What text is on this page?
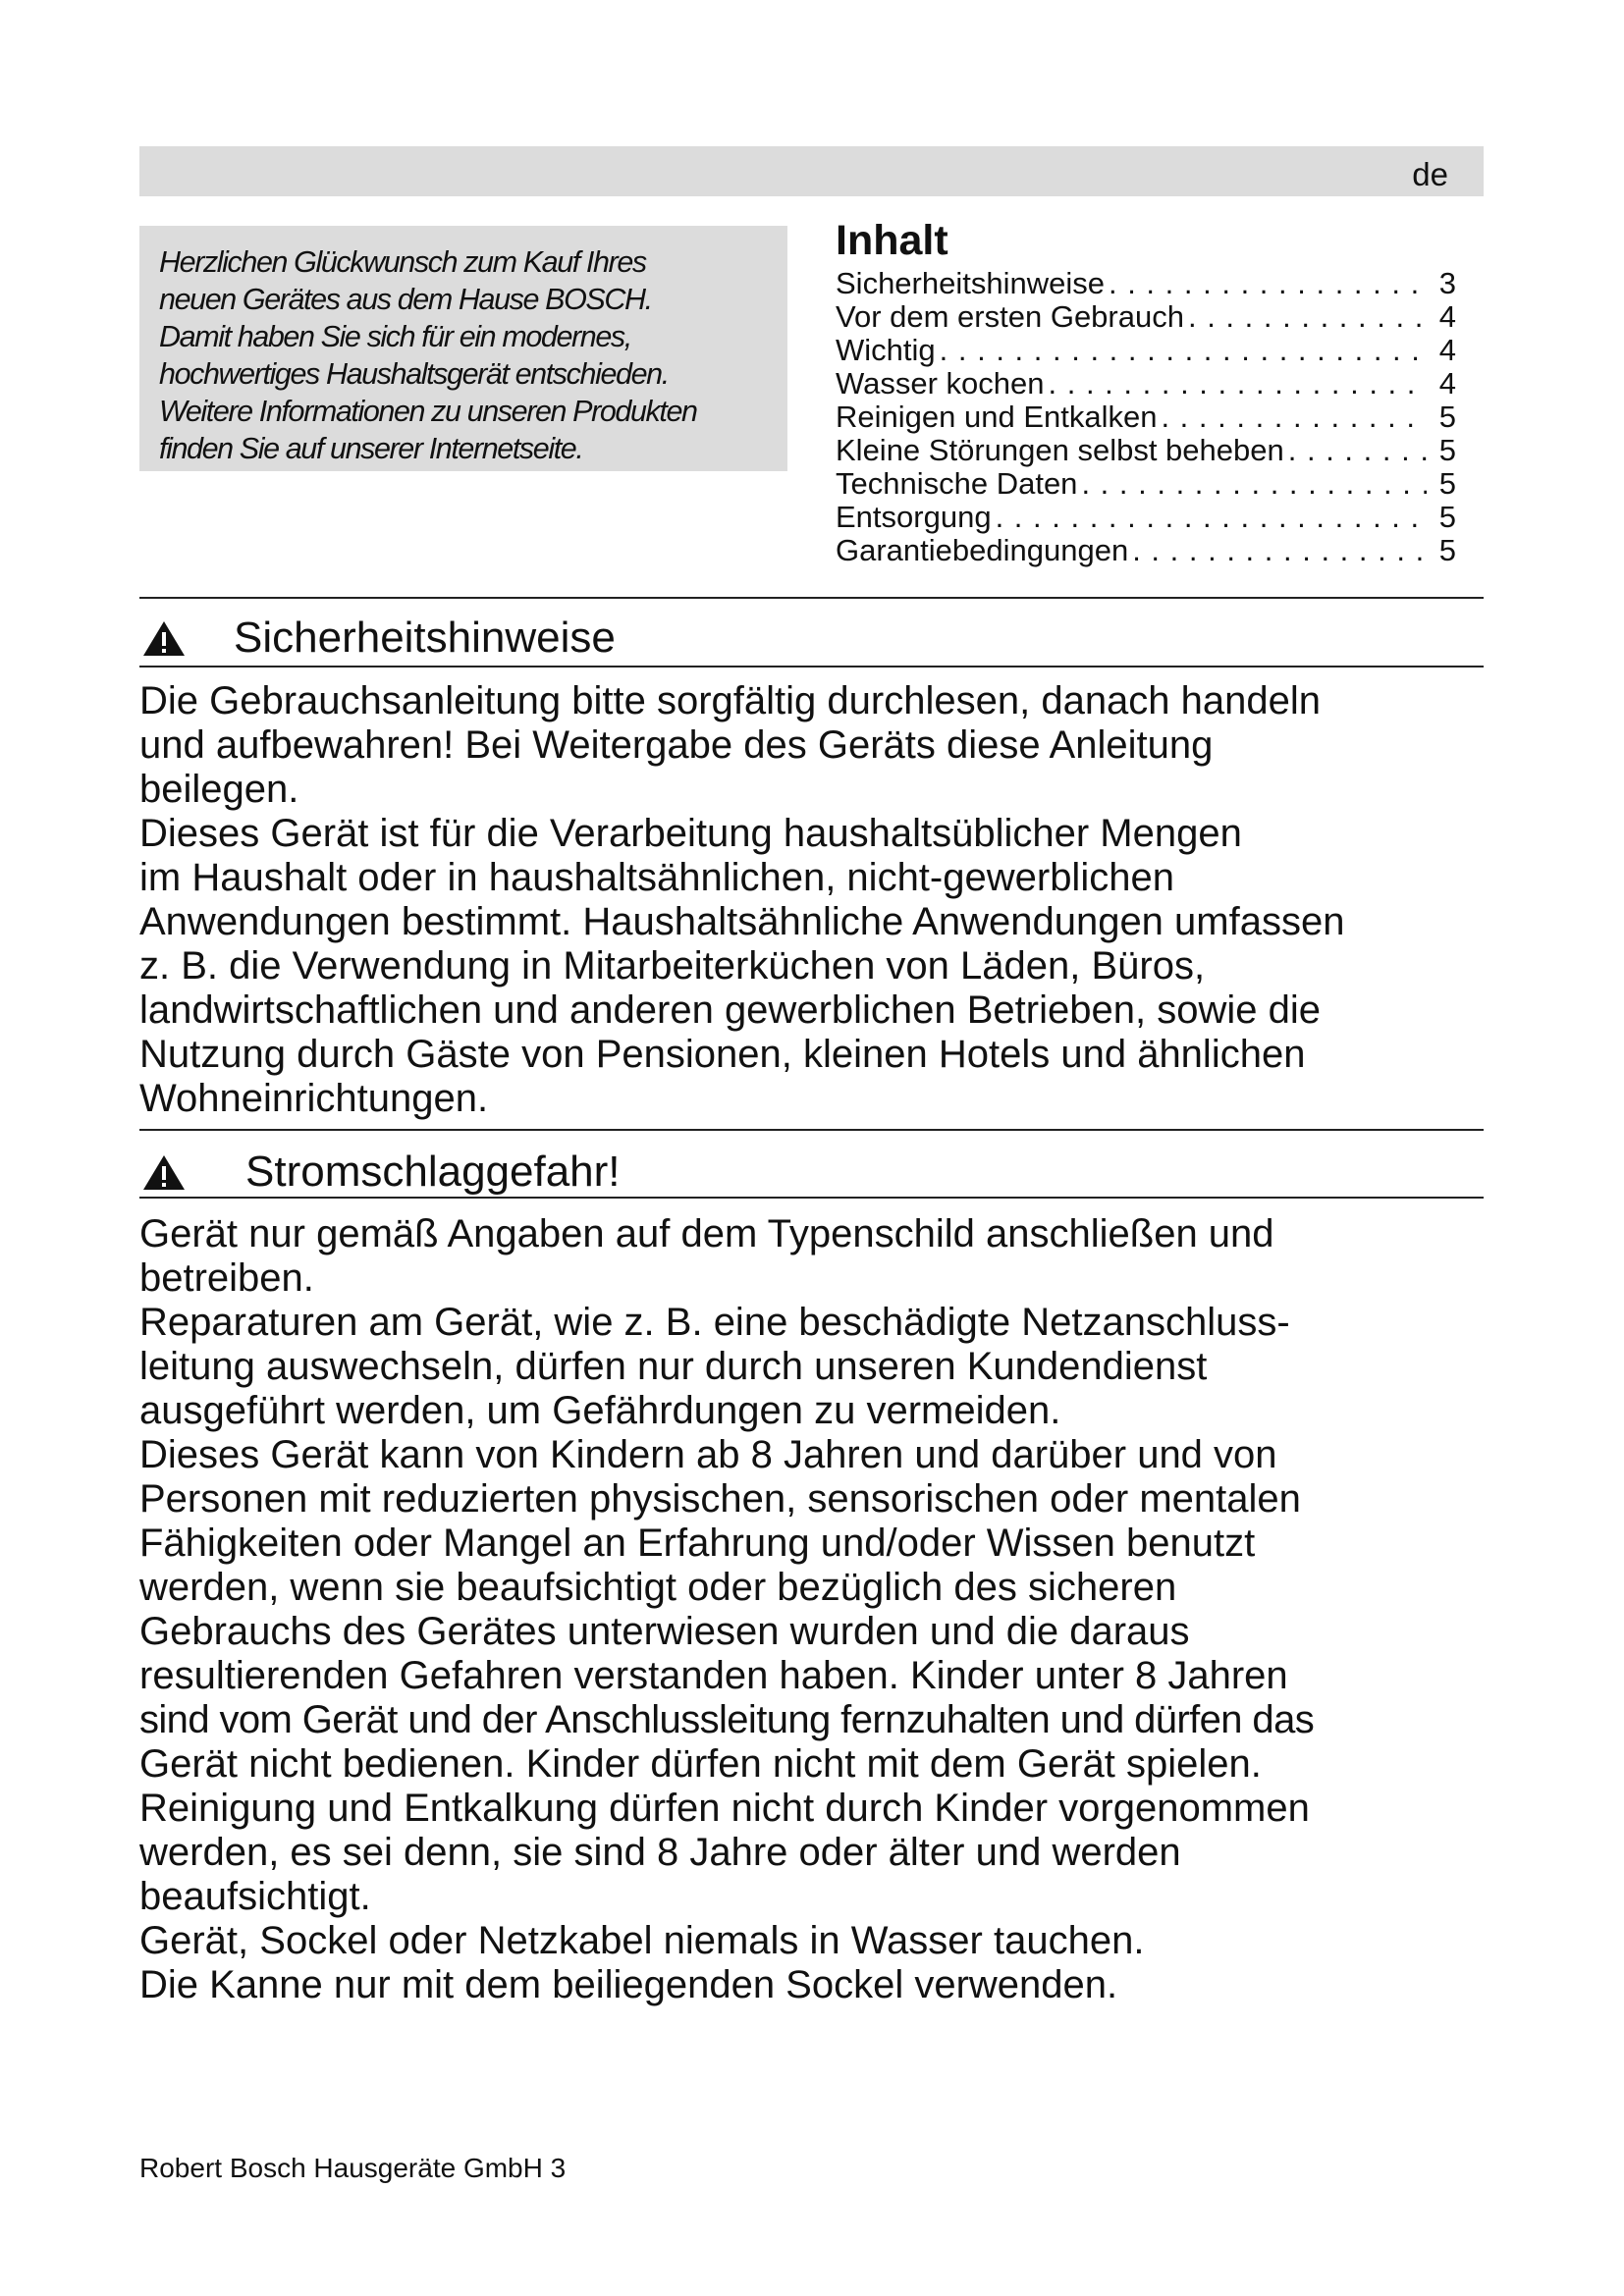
de

Herzlichen Glückwunsch zum Kauf Ihres

neuen Gerätes aus dem Hause BOSCH.

Damit haben Sie sich für ein modernes,

hochwertiges Haushaltsgerät entschieden.

Weitere Informationen zu unseren Produkten

finden Sie auf unserer Internetseite.

Inhalt
Sicherheitshinweise . . .	3
Vor dem ersten Gebrauch . . .	4
Wichtig . . .	4
Wasser kochen . . .	4
Reinigen und Entkalken . . .	5
Kleine Störungen selbst beheben . . .	5
Technische Daten . . .	5
Entsorgung . . .	5
Garantiebedingungen . . .	5
Sicherheitshinweise

Die Gebrauchsanleitung bitte sorgfältig durchlesen, danach handeln

und aufbewahren! Bei Weitergabe des Geräts diese Anleitung

beilegen.

Dieses Gerät ist für die Verarbeitung haushaltsüblicher Mengen

im Haushalt oder in haushaltsähnlichen, nicht-gewerblichen

Anwendungen bestimmt. Haushaltsähnliche Anwendungen umfassen

z. B. die Verwendung in Mitarbeiterküchen von Läden, Büros,

landwirtschaftlichen und anderen gewerblichen Betrieben, sowie die

Nutzung durch Gäste von Pensionen, kleinen Hotels und ähnlichen

Wohneinrichtungen.

Stromschlaggefahr!

Gerät nur gemäß Angaben auf dem Typenschild anschließen und

betreiben.

Reparaturen am Gerät, wie z. B. eine beschädigte Netzanschluss-

leitung auswechseln, dürfen nur durch unseren Kundendienst

ausgeführt werden, um Gefährdungen zu vermeiden.

Dieses Gerät kann von Kindern ab 8 Jahren und darüber und von

Personen mit reduzierten physischen, sensorischen oder mentalen

Fähigkeiten oder Mangel an Erfahrung und/oder Wissen benutzt

werden, wenn sie beaufsichtigt oder bezüglich des sicheren

Gebrauchs des Gerätes unterwiesen wurden und die daraus

resultierenden Gefahren verstanden haben. Kinder unter 8 Jahren

sind vom Gerät und der Anschlussleitung fernzuhalten und dürfen das

Gerät nicht bedienen. Kinder dürfen nicht mit dem Gerät spielen.

Reinigung und Entkalkung dürfen nicht durch Kinder vorgenommen

werden, es sei denn, sie sind 8 Jahre oder älter und werden

beaufsichtigt.

Gerät, Sockel oder Netzkabel niemals in Wasser tauchen.

Die Kanne nur mit dem beiliegenden Sockel verwenden.

Robert Bosch Hausgeräte GmbH 3
